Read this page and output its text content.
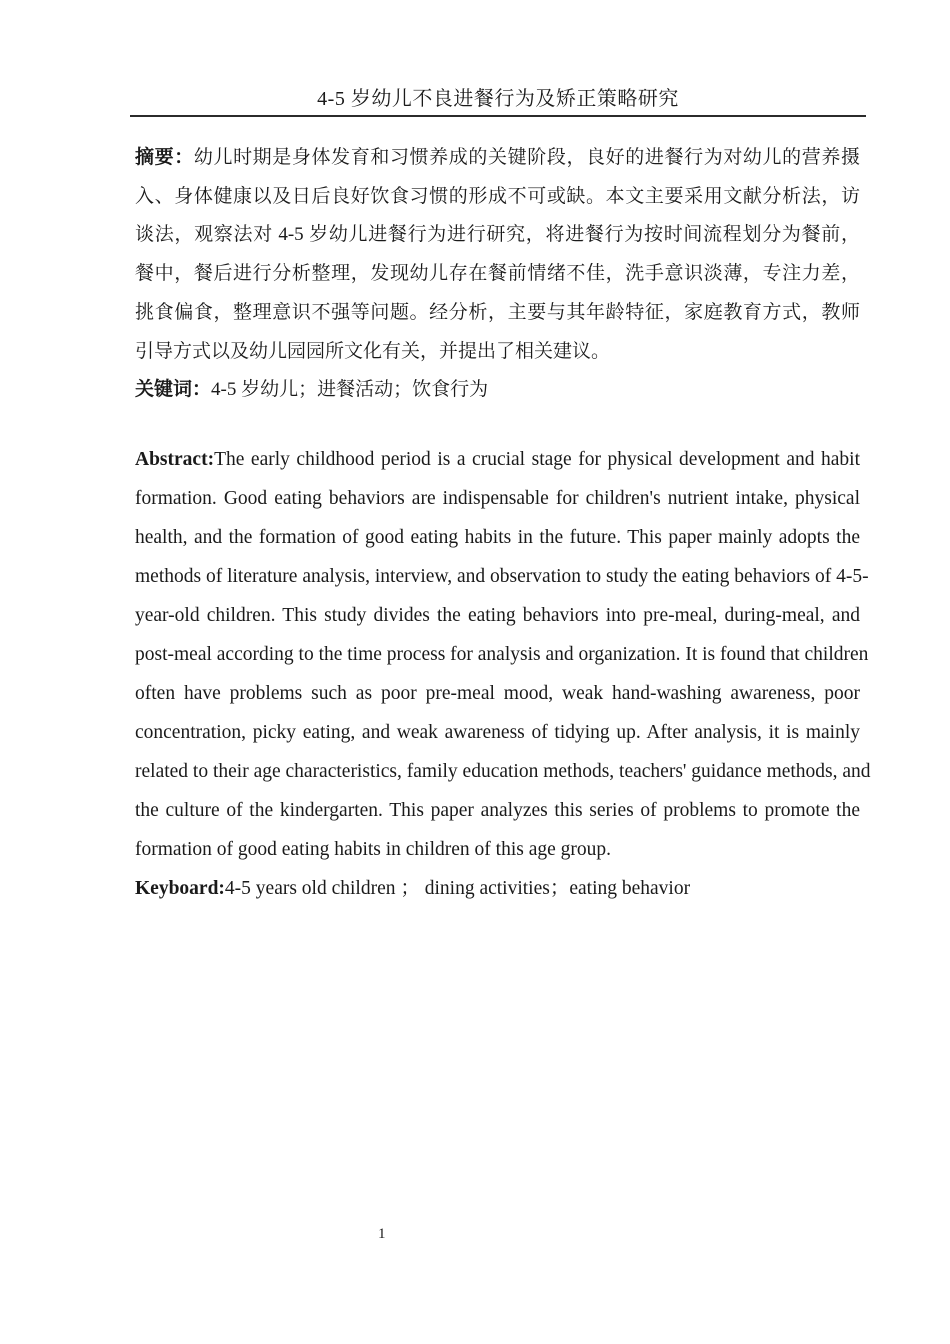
4-5 岁幼儿不良进餐行为及矫正策略研究
摘要：幼儿时期是身体发育和习惯养成的关键阶段，良好的进餐行为对幼儿的营养摄
入、身体健康以及日后良好饮食习惯的形成不可或缺。本文主要采用文献分析法，访
谈法，观察法对 4-5 岁幼儿进餐行为进行研究，将进餐行为按时间流程划分为餐前，
餐中，餐后进行分析整理，发现幼儿存在餐前情绪不佳，洗手意识淡薄，专注力差，
挑食偏食，整理意识不强等问题。经分析，主要与其年龄特征，家庭教育方式，教师
引导方式以及幼儿园园所文化有关，并提出了相关建议。
关键词：4-5 岁幼儿；进餐活动；饮食行为
Abstract:The early childhood period is a crucial stage for physical development and habit
formation. Good eating behaviors are indispensable for children's nutrient intake, physical
health, and the formation of good eating habits in the future. This paper mainly adopts the
methods of literature analysis, interview, and observation to study the eating behaviors of 4-5-
year-old children. This study divides the eating behaviors into pre-meal, during-meal, and
post-meal according to the time process for analysis and organization. It is found that children
often have problems such as poor pre-meal mood, weak hand-washing awareness, poor
concentration, picky eating, and weak awareness of tidying up. After analysis, it is mainly
related to their age characteristics, family education methods, teachers' guidance methods, and
the culture of the kindergarten. This paper analyzes this series of problems to promote the
formation of good eating habits in children of this age group.
Keyboard:4-5 years old children ； dining activities；eating behavior
1
